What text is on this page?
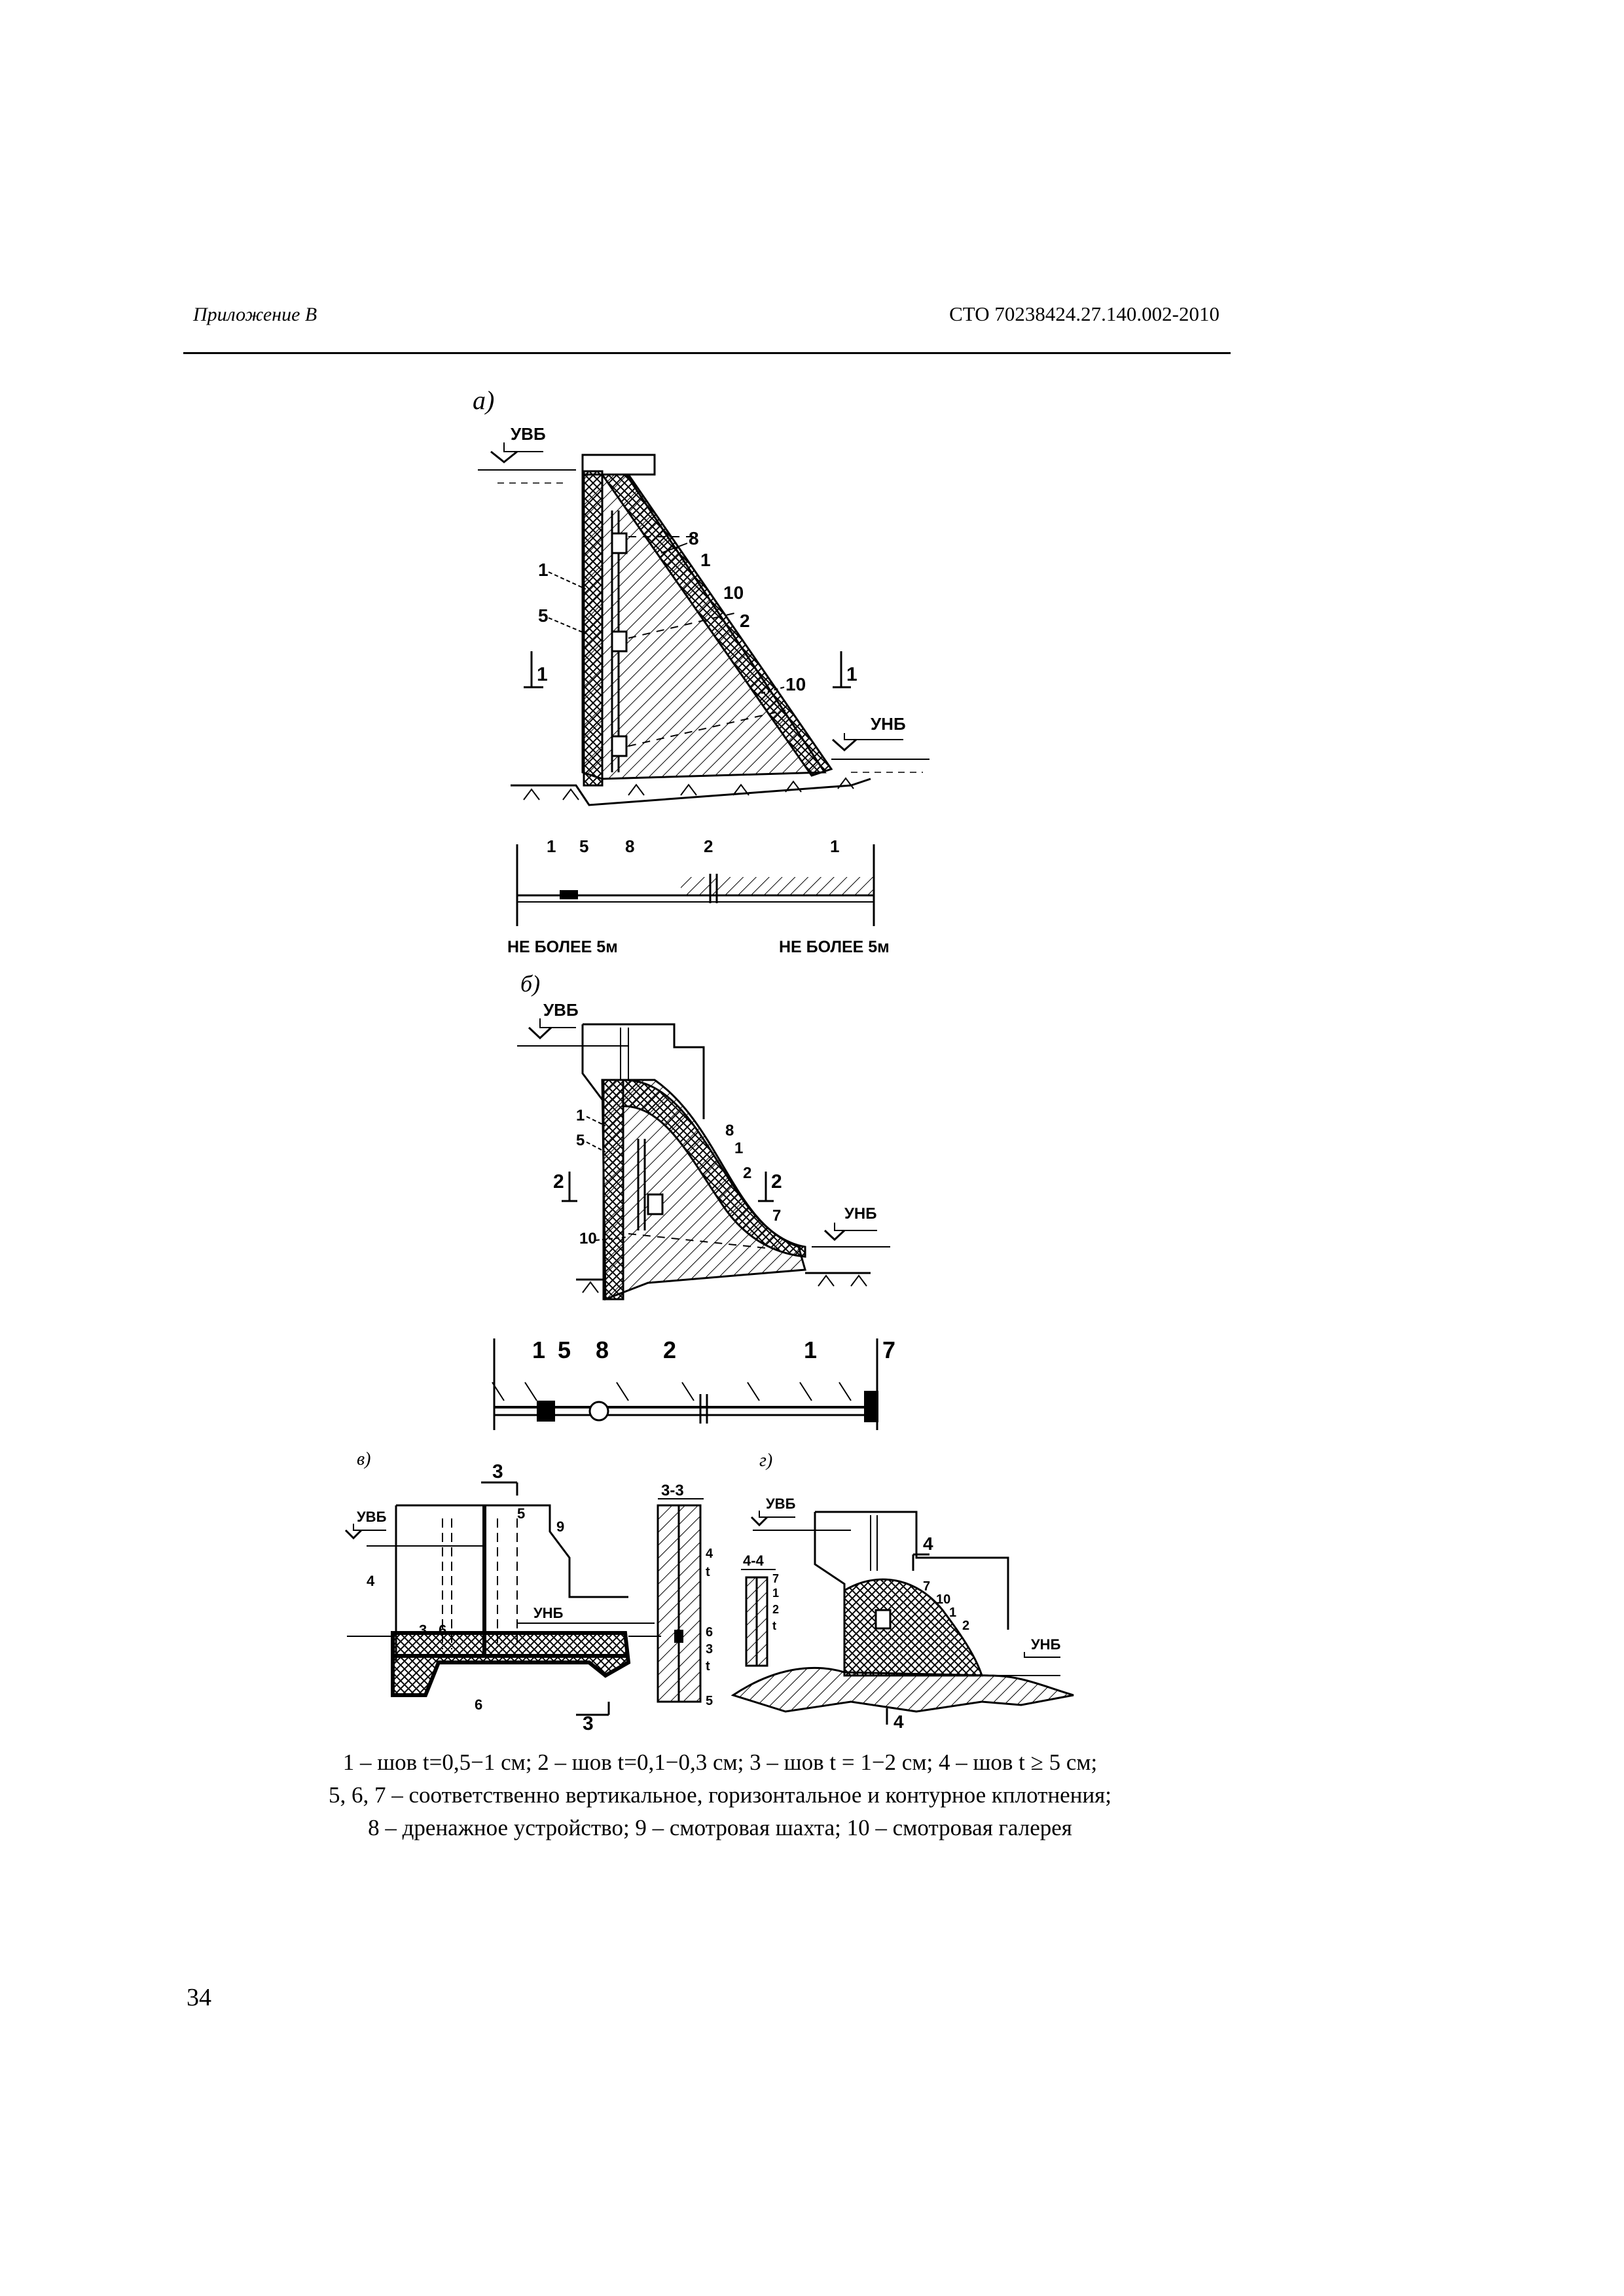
Приложение В	СТО 70238424.27.140.002-2010
а)
УВБ
УНБ
1	1
1
5
8
1
10
2
10
1 5 8	2	1
НЕ БОЛЕЕ 5м	НЕ БОЛЕЕ 5м
б)
УВБ
УНБ
2	2
1
5
8
1
2
7
10
1 5 8 2	1	7
в)
УВБ
3
УНБ
3
4
5
9
3 6
6
3-3
4
t
6
3
t
5
г)
УВБ
4
4
УНБ
7
10
1
2
4-4
7
1
2
t
1 – шов t=0,5−1 см; 2 – шов t=0,1−0,3 см; 3 – шов t = 1−2 см; 4 – шов t ≥ 5 см;
5, 6, 7 – соответственно вертикальное, горизонтальное и контурное кплотнения;
8 – дренажное устройство; 9 – смотровая шахта; 10 – смотровая галерея
34
